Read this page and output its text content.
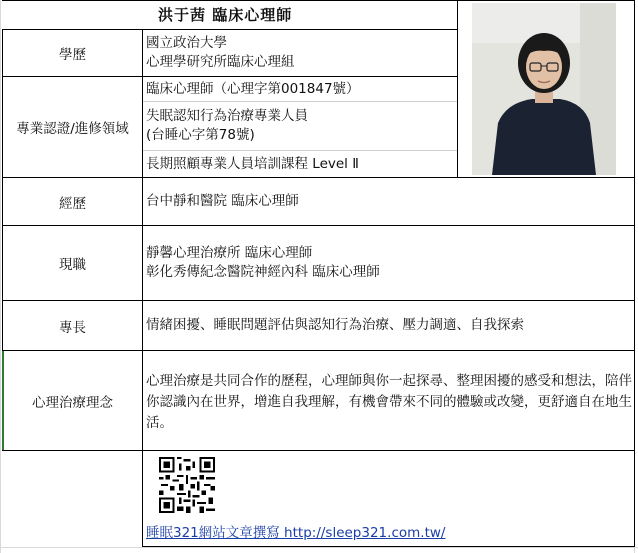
洪于茜 臨床心理師
學歷
專業認證/進修領域
經歷
現職
專長
心理治療理念
國立政治大學
心理學研究所臨床心理組
臨床心理師（心理字第001847號）
失眠認知行為治療專業人員
(台睡心字第78號)
長期照顧專業人員培訓課程 Level Ⅱ
台中靜和醫院 臨床心理師
靜馨心理治療所 臨床心理師
彰化秀傳紀念醫院神經內科 臨床心理師
情緒困擾、睡眠問題評估與認知行為治療、壓力調適、自我探索
心理治療是共同合作的歷程，心理師與你一起探尋、整理困擾的感受和想法，陪伴你認識內在世界，增進自我理解，有機會帶來不同的體驗或改變，更舒適自在地生活。
睡眠321網站文章撰寫 http://sleep321.com.tw/
